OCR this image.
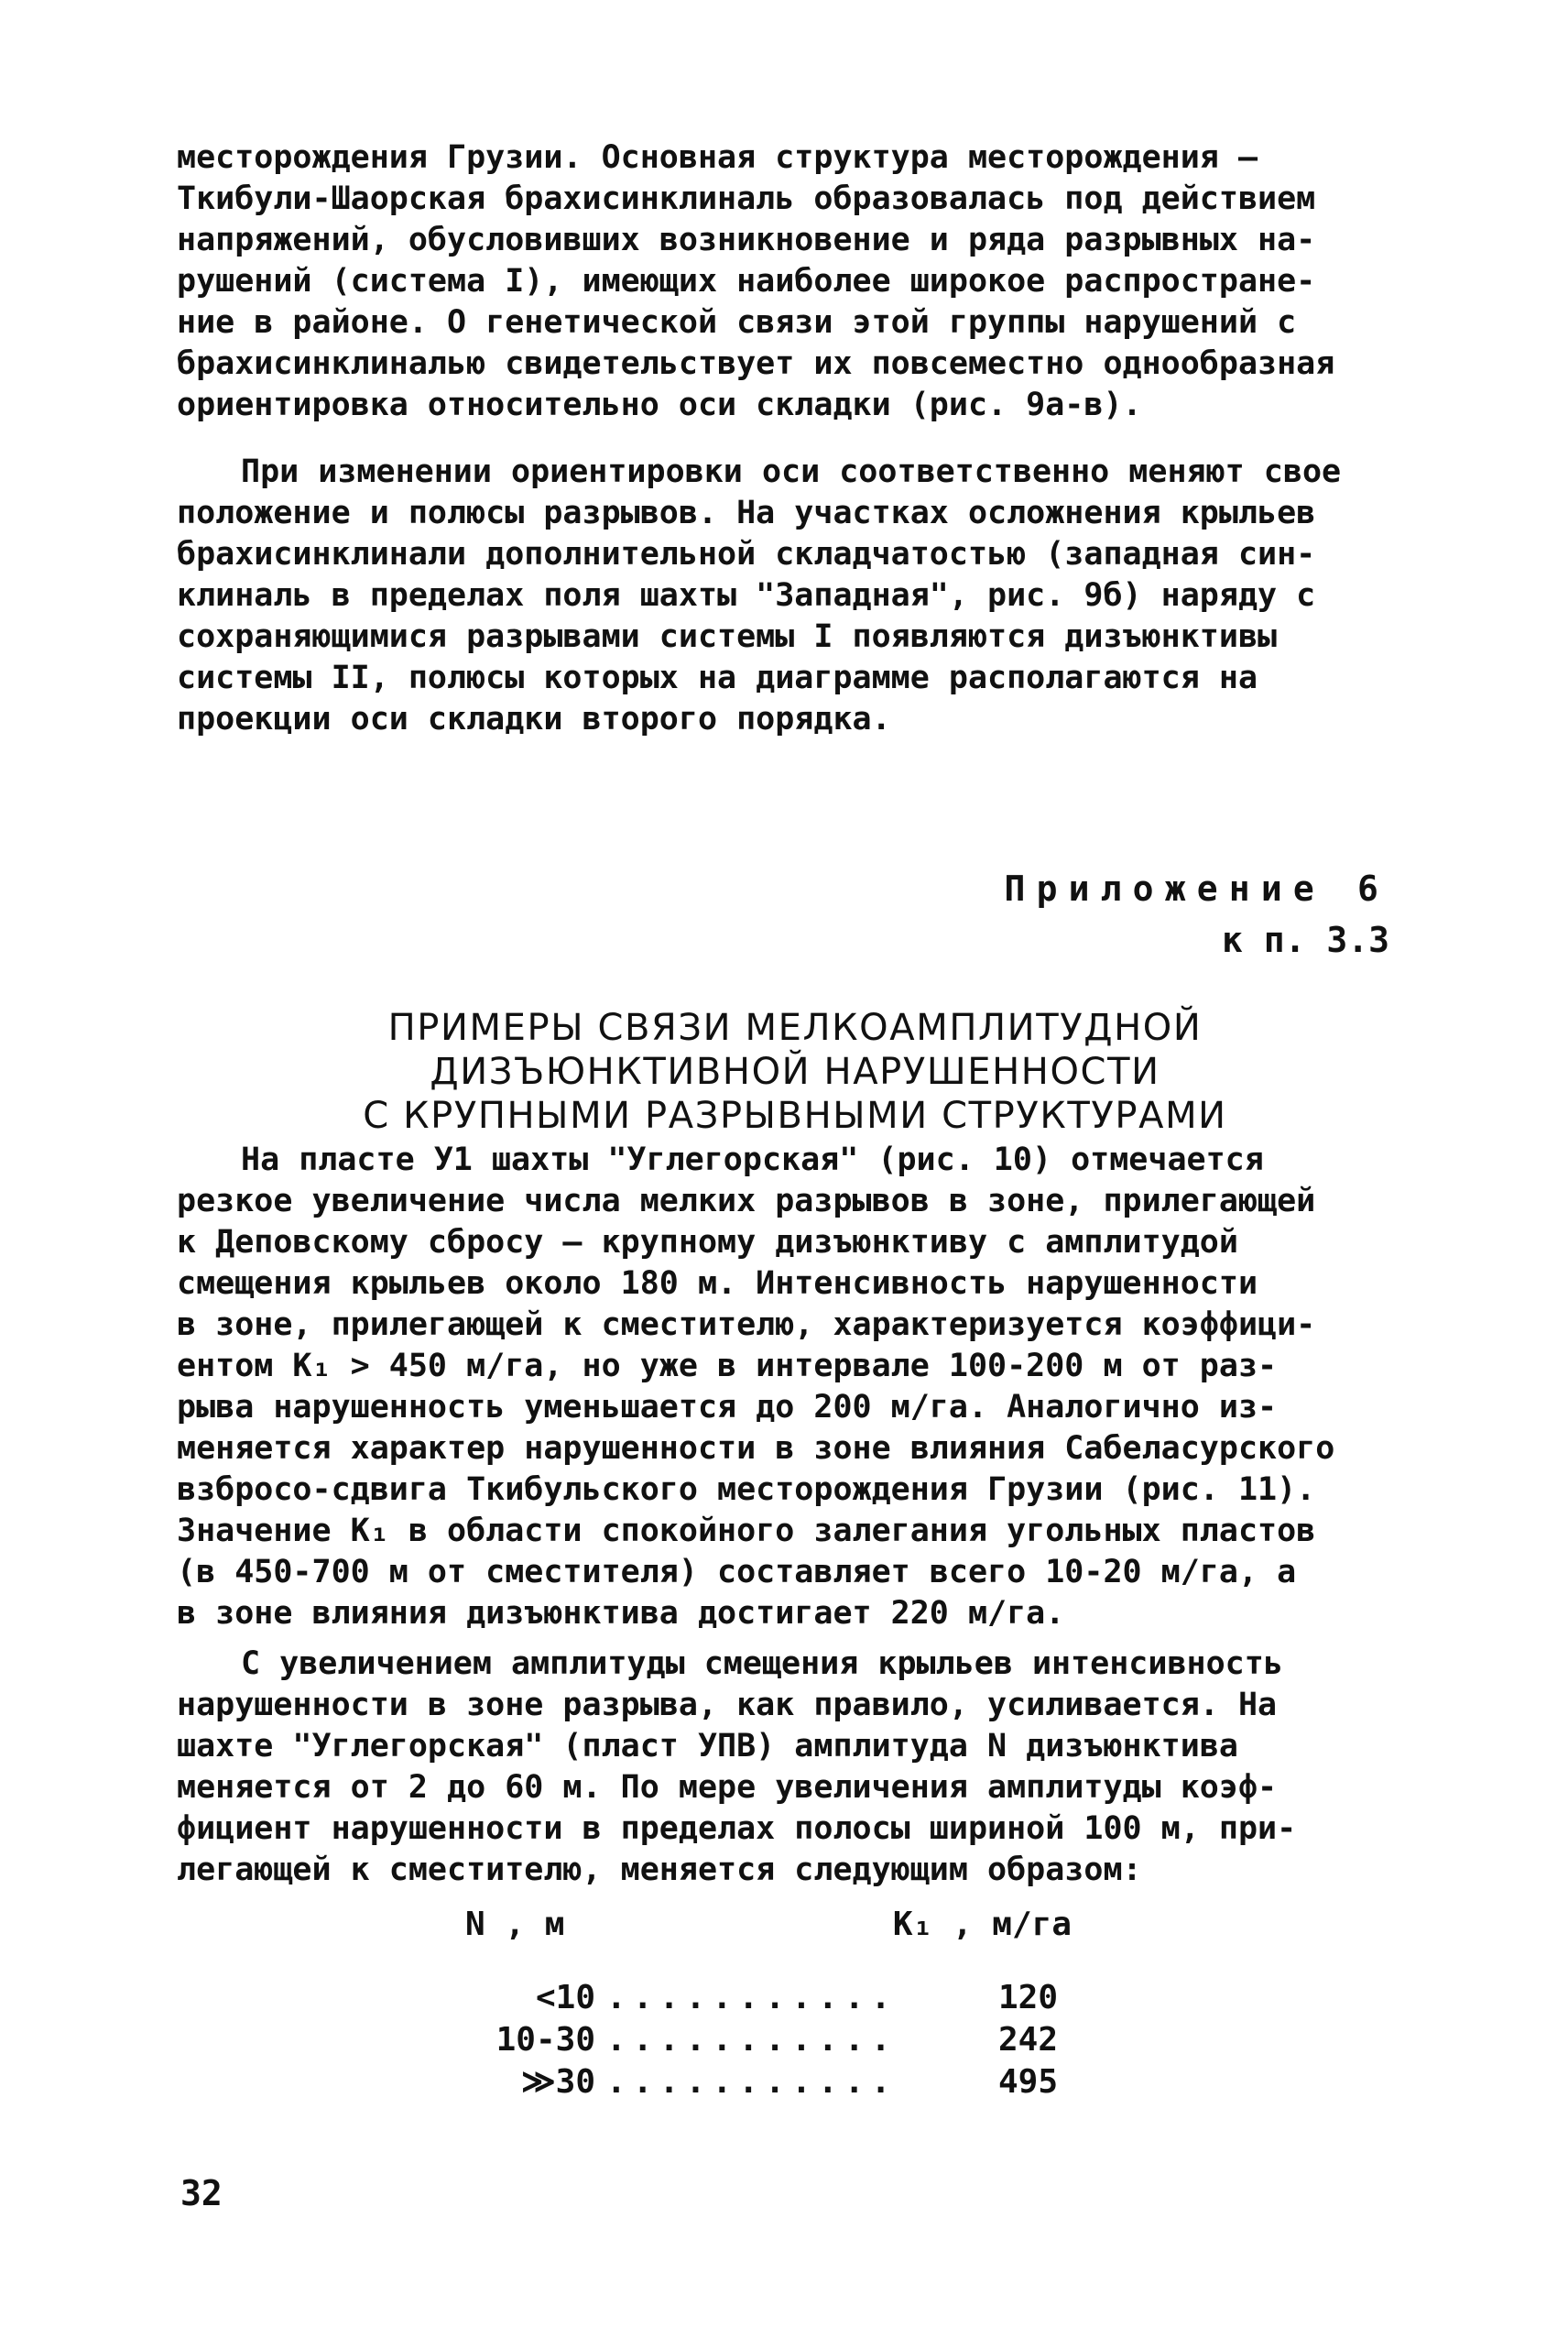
месторождения Грузии. Основная структура месторождения –
Ткибули-Шаорская брахисинклиналь образовалась под действием
напряжений, обусловивших возникновение и ряда разрывных на-
рушений (система I), имеющих наиболее широкое распростране-
ние в районе. О генетической связи этой группы нарушений с
брахисинклиналью свидетельствует их повсеместно однообразная
ориентировка относительно оси складки (рис. 9а-в).

При изменении ориентировки оси соответственно меняют свое
положение и полюсы разрывов. На участках осложнения крыльев
брахисинклинали дополнительной складчатостью (западная син-
клиналь в пределах поля шахты "Западная", рис. 9б) наряду с
сохраняющимися разрывами системы I появляются дизъюнктивы
системы II, полюсы которых на диаграмме располагаются на
проекции оси складки второго порядка.

Приложение 6
к п. 3.3
ПРИМЕРЫ СВЯЗИ МЕЛКОАМПЛИТУДНОЙ
ДИЗЪЮНКТИВНОЙ НАРУШЕННОСТИ
С КРУПНЫМИ РАЗРЫВНЫМИ СТРУКТУРАМИ

На пласте У1 шахты "Углегорская" (рис. 10) отмечается
резкое увеличение числа мелких разрывов в зоне, прилегающей
к Деповскому сбросу – крупному дизъюнктиву с амплитудой
смещения крыльев около 180 м. Интенсивность нарушенности
в зоне, прилегающей к сместителю, характеризуется коэффици-
ентом К₁ > 450 м/га, но уже в интервале 100-200 м от раз-
рыва нарушенность уменьшается до 200 м/га. Аналогично из-
меняется характер нарушенности в зоне влияния Сабеласурского
взбросо-сдвига Ткибульского месторождения Грузии (рис. 11).
Значение К₁ в области спокойного залегания угольных пластов
(в 450-700 м от сместителя) составляет всего 10-20 м/га, а
в зоне влияния дизъюнктива достигает 220 м/га.

С увеличением амплитуды смещения крыльев интенсивность
нарушенности в зоне разрыва, как правило, усиливается. На
шахте "Углегорская" (пласт УПВ) амплитуда N дизъюнктива
меняется от 2 до 60 м. По мере увеличения амплитуды коэф-
фициент нарушенности в пределах полосы шириной 100 м, при-
легающей к сместителю, меняется следующим образом:

N , м	К₁ , м/га
<10 ...........	120
10-30 ...........	242
≫30 ...........	495
32
